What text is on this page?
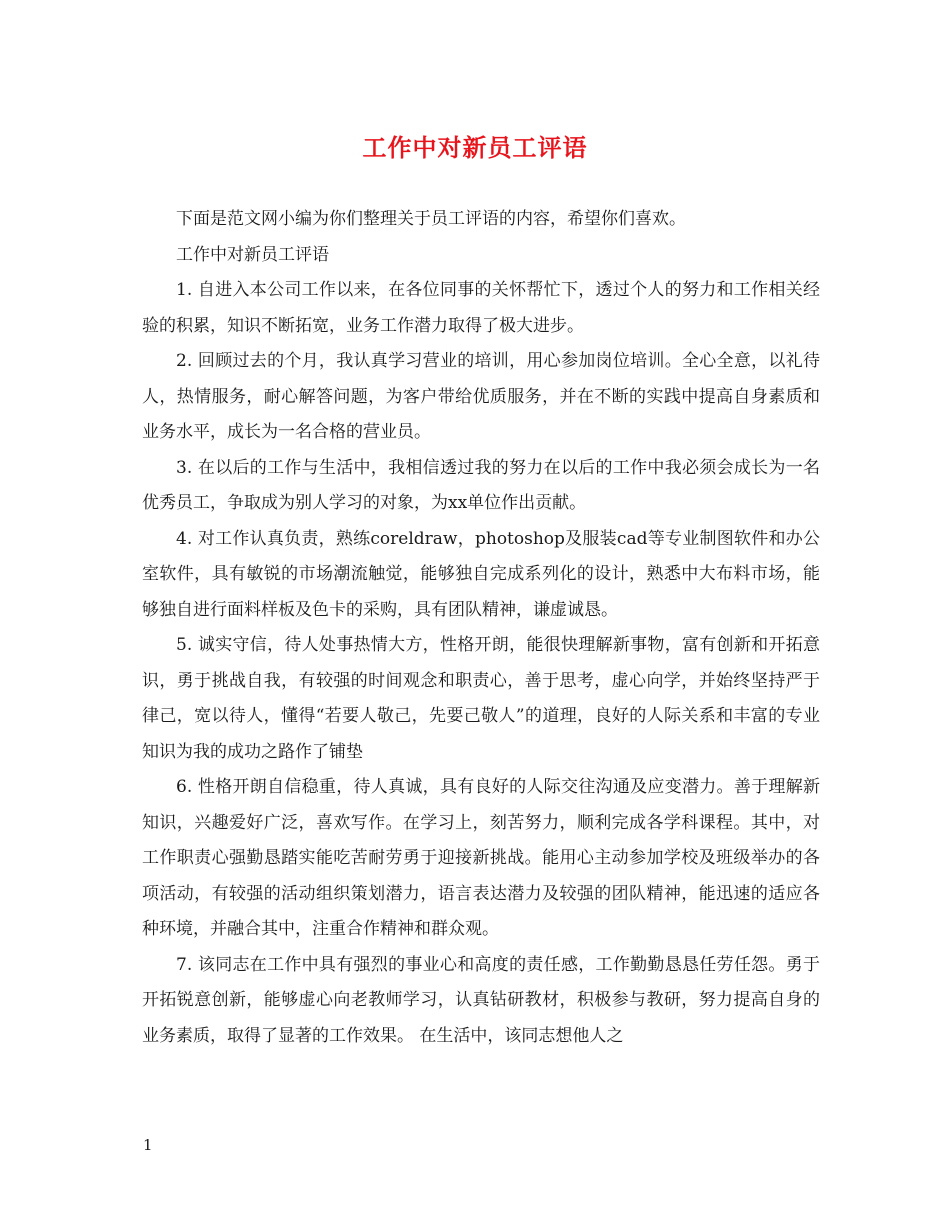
工作中对新员工评语

下面是范文网小编为你们整理关于员工评语的内容，希望你们喜欢。

工作中对新员工评语

1. 自进入本公司工作以来，在各位同事的关怀帮忙下，透过个人的努力和工作相关经验的积累，知识不断拓宽，业务工作潜力取得了极大进步。

2. 回顾过去的个月，我认真学习营业的培训，用心参加岗位培训。全心全意，以礼待人，热情服务，耐心解答问题，为客户带给优质服务，并在不断的实践中提高自身素质和业务水平，成长为一名合格的营业员。

3. 在以后的工作与生活中，我相信透过我的努力在以后的工作中我必须会成长为一名优秀员工，争取成为别人学习的对象，为xx单位作出贡献。

4. 对工作认真负责，熟练coreldraw，photoshop及服装cad等专业制图软件和办公室软件，具有敏锐的市场潮流触觉，能够独自完成系列化的设计，熟悉中大布料市场，能够独自进行面料样板及色卡的采购，具有团队精神，谦虚诚恳。

5. 诚实守信，待人处事热情大方，性格开朗，能很快理解新事物，富有创新和开拓意识，勇于挑战自我，有较强的时间观念和职责心，善于思考，虚心向学，并始终坚持严于律己，宽以待人，懂得“若要人敬己，先要己敬人”的道理，良好的人际关系和丰富的专业知识为我的成功之路作了铺垫

6. 性格开朗自信稳重，待人真诚，具有良好的人际交往沟通及应变潜力。善于理解新知识，兴趣爱好广泛，喜欢写作。在学习上，刻苦努力，顺利完成各学科课程。其中，对工作职责心强勤恳踏实能吃苦耐劳勇于迎接新挑战。能用心主动参加学校及班级举办的各项活动，有较强的活动组织策划潜力，语言表达潜力及较强的团队精神，能迅速的适应各种环境，并融合其中，注重合作精神和群众观。

7. 该同志在工作中具有强烈的事业心和高度的责任感，工作勤勤恳恳任劳任怨。勇于开拓锐意创新，能够虚心向老教师学习，认真钻研教材，积极参与教研，努力提高自身的业务素质，取得了显著的工作效果。 在生活中，该同志想他人之

1
